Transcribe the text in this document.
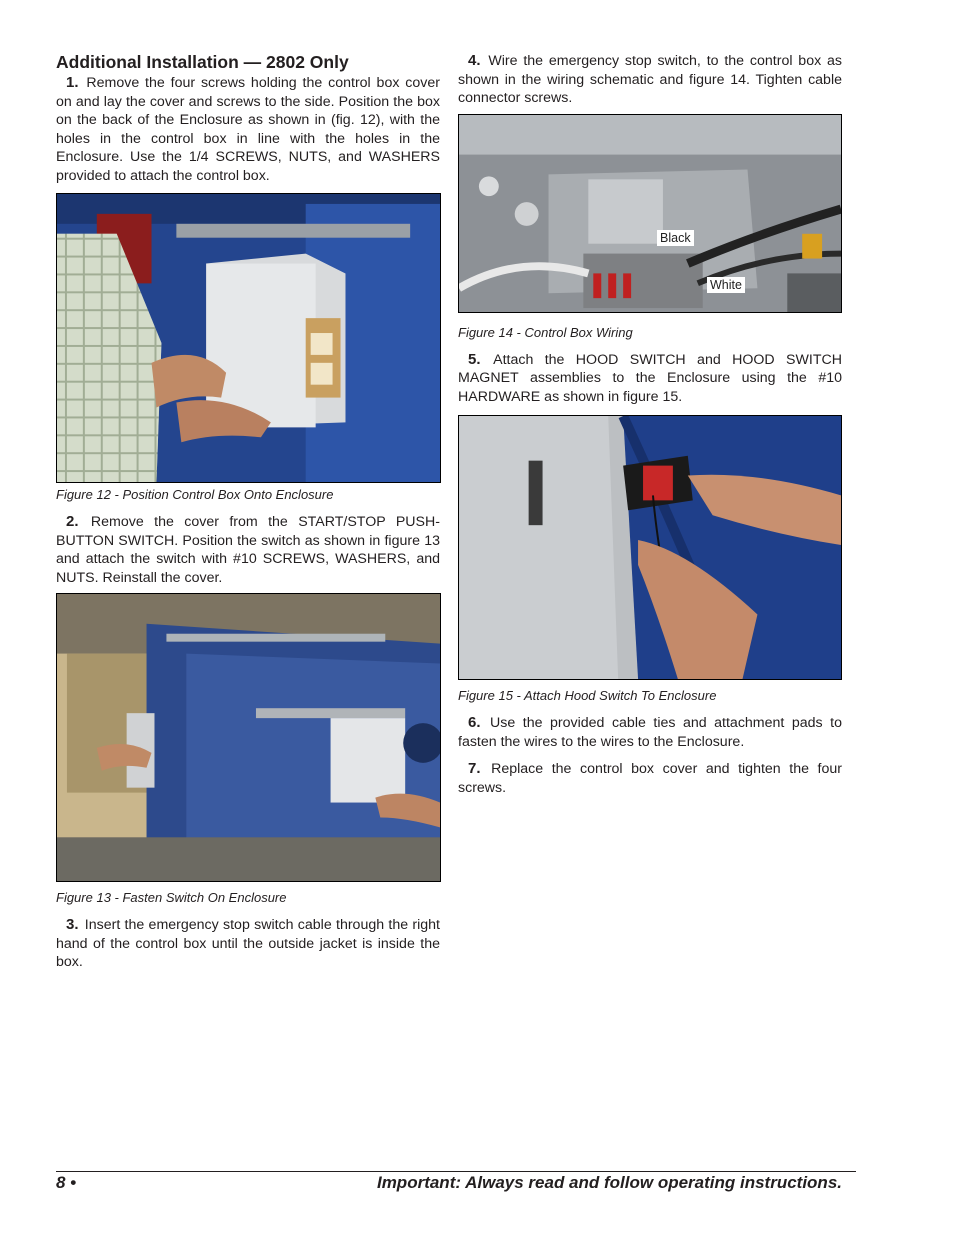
Additional Installation — 2802 Only

1. Remove the four screws holding the control box cover on and lay the cover and screws to the side. Position the box on the back of the Enclosure as shown in (fig. 12), with the holes in the control box in line with the holes in the Enclosure. Use the 1/4 SCREWS, NUTS, and WASHERS provided to attach the control box.

Figure 12 - Position Control Box Onto Enclosure

2. Remove the cover from the START/STOP PUSH-BUTTON SWITCH. Position the switch as shown in figure 13 and attach the switch with #10 SCREWS, WASHERS, and NUTS. Reinstall the cover.

Figure 13 - Fasten Switch On Enclosure

3. Insert the emergency stop switch cable through the right hand of the control box until the outside jacket is inside the box.

4. Wire the emergency stop switch, to the control box as shown in the wiring schematic and figure 14. Tighten cable connector screws.

Black
White

Figure 14 - Control Box Wiring

5. Attach the HOOD SWITCH and HOOD SWITCH MAGNET assemblies to the Enclosure using the #10 HARDWARE as shown in figure 15.

Figure 15 - Attach Hood Switch To Enclosure

6. Use the provided cable ties and attachment pads to fasten the wires to the wires to the Enclosure.

7. Replace the control box cover and tighten the four screws.

8 •	Important: Always read and follow operating instructions.
